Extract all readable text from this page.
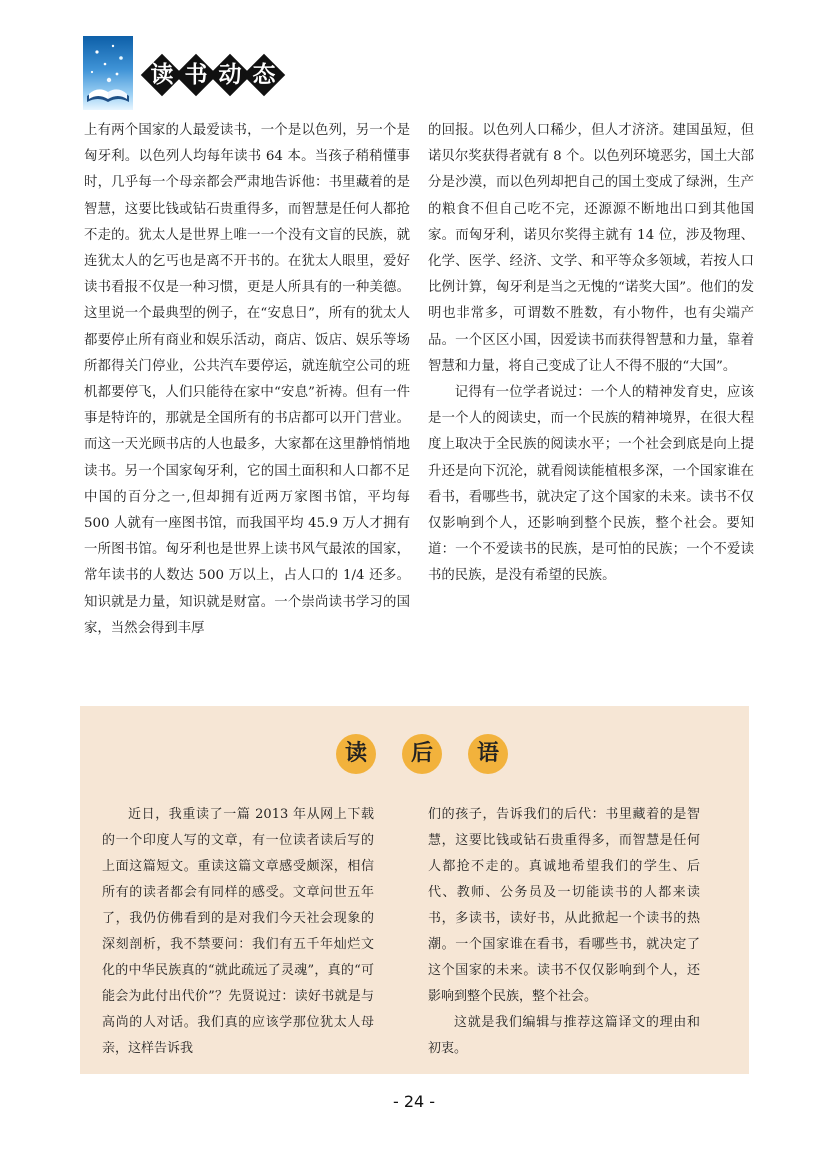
读 书 动 态

上有两个国家的人最爱读书，一个是以色列，另一个是匈牙利。以色列人均每年读书 64 本。当孩子稍稍懂事时，几乎每一个母亲都会严肃地告诉他：书里藏着的是智慧，这要比钱或钻石贵重得多，而智慧是任何人都抢不走的。犹太人是世界上唯一一个没有文盲的民族，就连犹太人的乞丐也是离不开书的。在犹太人眼里，爱好读书看报不仅是一种习惯，更是人所具有的一种美德。这里说一个最典型的例子，在“安息日”，所有的犹太人都要停止所有商业和娱乐活动，商店、饭店、娱乐等场所都得关门停业，公共汽车要停运，就连航空公司的班机都要停飞，人们只能待在家中“安息”祈祷。但有一件事是特许的，那就是全国所有的书店都可以开门营业。而这一天光顾书店的人也最多，大家都在这里静悄悄地读书。另一个国家匈牙利，它的国土面积和人口都不足中国的百分之一,但却拥有近两万家图书馆，平均每 500 人就有一座图书馆，而我国平均 45.9 万人才拥有一所图书馆。匈牙利也是世界上读书风气最浓的国家，常年读书的人数达 500 万以上，占人口的 1/4 还多。知识就是力量，知识就是财富。一个崇尚读书学习的国家，当然会得到丰厚

的回报。以色列人口稀少，但人才济济。建国虽短，但诺贝尔奖获得者就有 8 个。以色列环境恶劣，国土大部分是沙漠，而以色列却把自己的国土变成了绿洲，生产的粮食不但自己吃不完，还源源不断地出口到其他国家。而匈牙利，诺贝尔奖得主就有 14 位，涉及物理、化学、医学、经济、文学、和平等众多领域，若按人口比例计算，匈牙利是当之无愧的“诺奖大国”。他们的发明也非常多，可谓数不胜数，有小物件，也有尖端产品。一个区区小国，因爱读书而获得智慧和力量，靠着智慧和力量，将自己变成了让人不得不服的“大国”。

记得有一位学者说过：一个人的精神发育史，应该是一个人的阅读史，而一个民族的精神境界，在很大程度上取决于全民族的阅读水平；一个社会到底是向上提升还是向下沉沦，就看阅读能植根多深，一个国家谁在看书，看哪些书，就决定了这个国家的未来。读书不仅仅影响到个人，还影响到整个民族，整个社会。要知道：一个不爱读书的民族，是可怕的民族；一个不爱读书的民族，是没有希望的民族。

读	后	语

近日，我重读了一篇 2013 年从网上下载的一个印度人写的文章，有一位读者读后写的上面这篇短文。重读这篇文章感受颇深，相信所有的读者都会有同样的感受。文章问世五年了，我仍仿佛看到的是对我们今天社会现象的深刻剖析，我不禁要问：我们有五千年灿烂文化的中华民族真的“就此疏远了灵魂”，真的“可能会为此付出代价”？先贤说过：读好书就是与高尚的人对话。我们真的应该学那位犹太人母亲，这样告诉我

们的孩子，告诉我们的后代：书里藏着的是智慧，这要比钱或钻石贵重得多，而智慧是任何人都抢不走的。真诚地希望我们的学生、后代、教师、公务员及一切能读书的人都来读书，多读书，读好书，从此掀起一个读书的热潮。一个国家谁在看书，看哪些书，就决定了这个国家的未来。读书不仅仅影响到个人，还影响到整个民族，整个社会。

这就是我们编辑与推荐这篇译文的理由和初衷。

- 24 -
